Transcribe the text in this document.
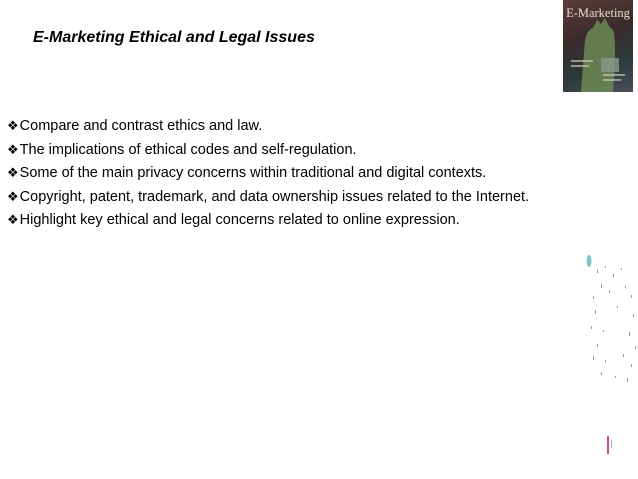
E-Marketing Ethical and Legal Issues
E-Marketing
❖Compare and contrast ethics and law.
❖The implications of ethical codes and self-regulation.
❖Some of the main privacy concerns within traditional and digital contexts.
❖Copyright, patent, trademark, and data ownership issues related to the Internet.
❖Highlight key ethical and legal concerns related to online expression.
